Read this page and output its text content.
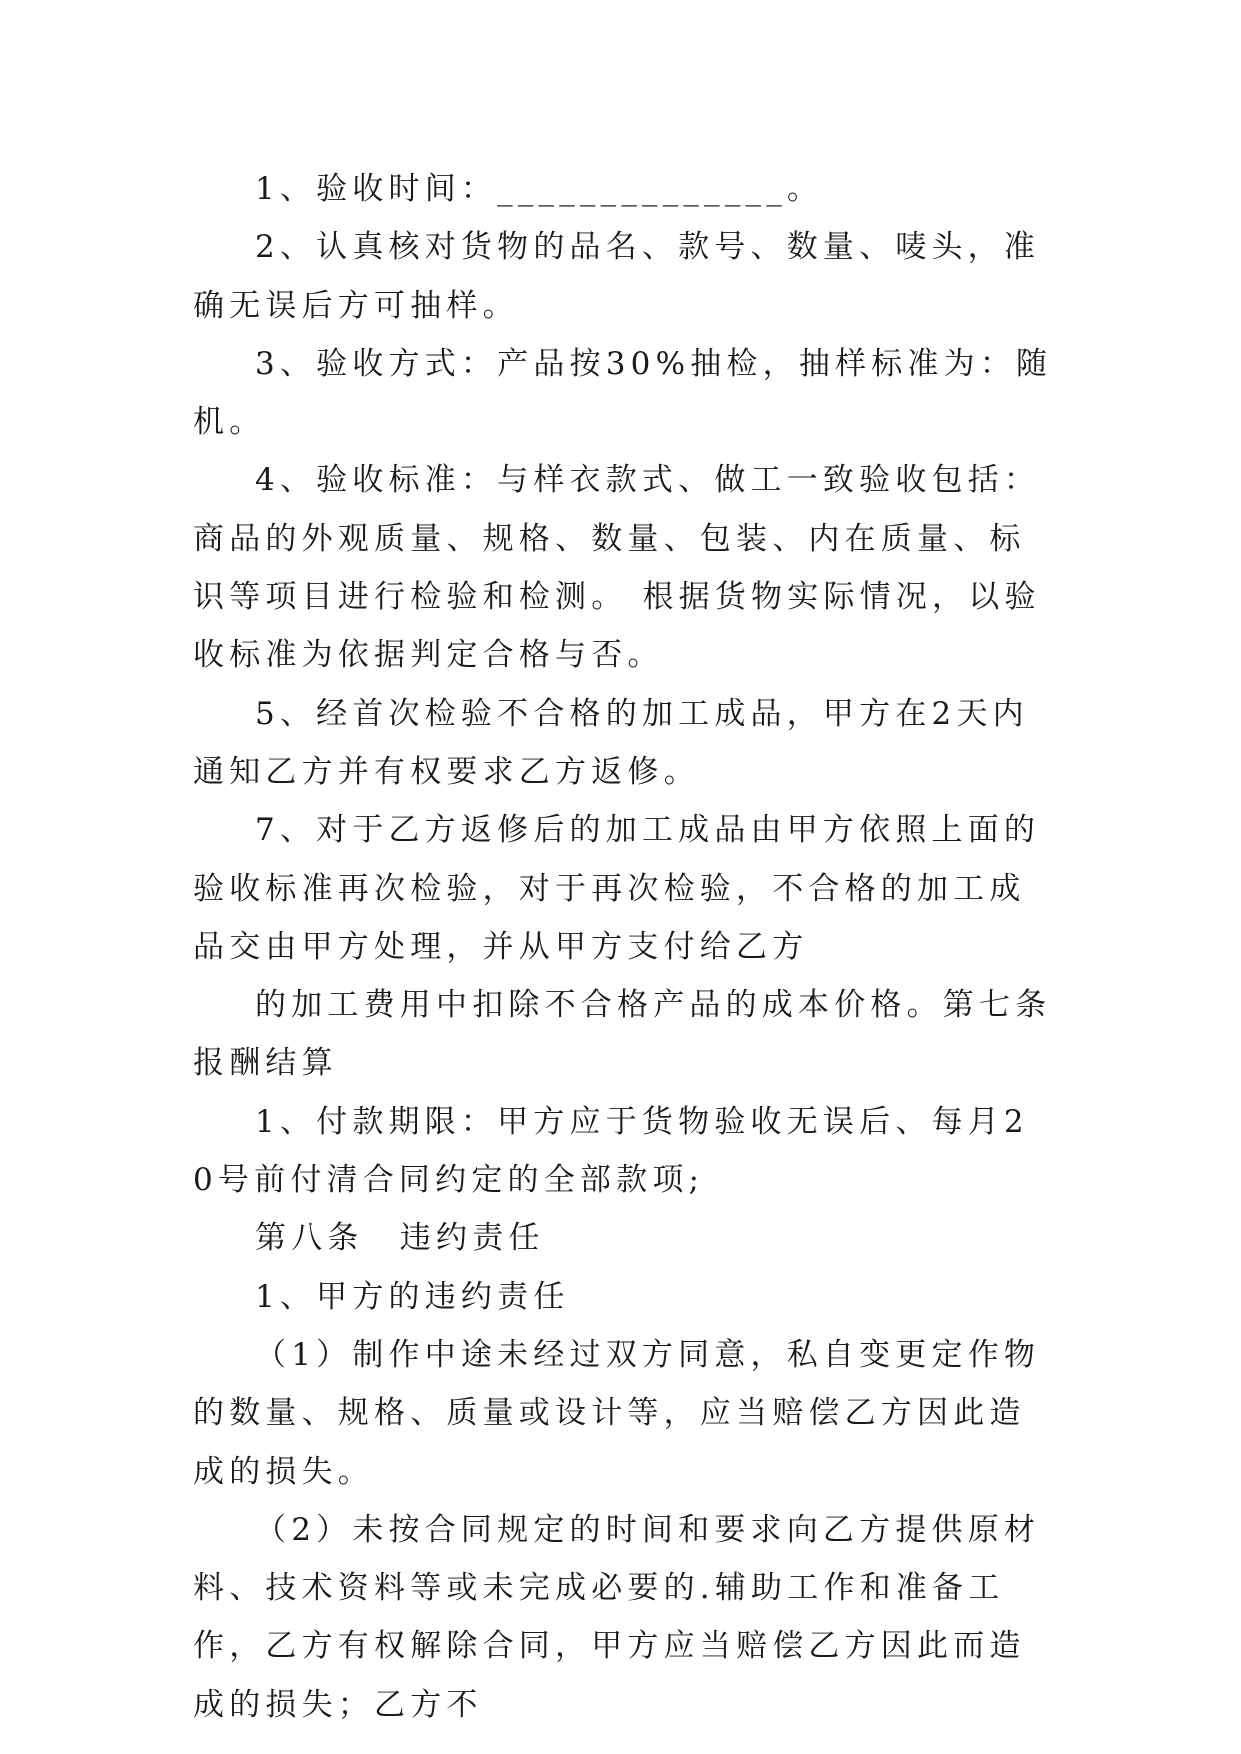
1、验收时间：______________。

2、认真核对货物的品名、款号、数量、唛头，准确无误后方可抽样。

3、验收方式：产品按30%抽检，抽样标准为：随机。

4、验收标准：与样衣款式、做工一致验收包括：商品的外观质量、规格、数量、包装、内在质量、标识等项目进行检验和检测。 根据货物实际情况，以验收标准为依据判定合格与否。

5、经首次检验不合格的加工成品，甲方在2天内通知乙方并有权要求乙方返修。

7、对于乙方返修后的加工成品由甲方依照上面的验收标准再次检验，对于再次检验，不合格的加工成品交由甲方处理，并从甲方支付给乙方

的加工费用中扣除不合格产品的成本价格。第七条　报酬结算

1、付款期限：甲方应于货物验收无误后、每月20号前付清合同约定的全部款项;

第八条　违约责任

1、甲方的违约责任

（1）制作中途未经过双方同意，私自变更定作物的数量、规格、质量或设计等，应当赔偿乙方因此造成的损失。

（2）未按合同规定的时间和要求向乙方提供原材料、技术资料等或未完成必要的.辅助工作和准备工作，乙方有权解除合同，甲方应当赔偿乙方因此而造成的损失；乙方不
